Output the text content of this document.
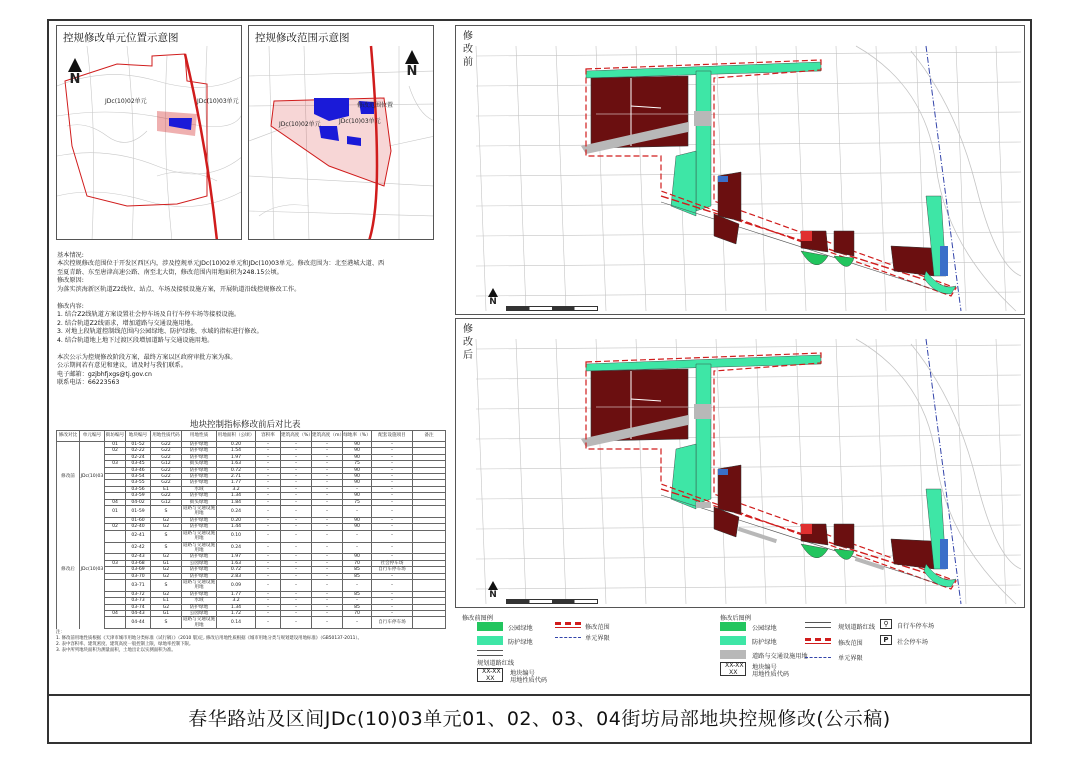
控规修改单元位置示意图
N
JDc(10)02单元	JDc(10)03单元
控规修改范围示意图
N
JDc(10)02单元	JDc(10)03单元
修改范围位置

基本情况:
本次控规修改范围位于开发区西区内，涉及控规单元JDc(10)02单元和JDc(10)03单元。修改范围为：北至港城大道、西
至夏青路、东至唐津高速公路、南至北大街，修改范围内用地面积为248.15公顷。
修改原因:
为落实滨海新区轨道Z2线位、站点、车场及接驳设施方案，开展轨道沿线控规修改工作。
修改内容:
1. 结合Z2线轨道方案设置社会停车场及自行车停车场等接驳设施。
2. 结合轨道Z2线需求，增加道路与交通设施用地。
3. 对地上段轨道控制线范围内公园绿地、防护绿地、水域的指标进行修改。
4. 结合轨道地上地下过渡区段增加道路与交通设施用地。
本次公示为控规修改阶段方案，最终方案以区政府审批方案为准。
公示期间若有意见和建议，请及时与我们联系。
电子邮箱：gzjbhfjxgs@tj.gov.cn
联系电话：66223563

地块控制指标修改前后对比表
修改对比	单元编号	街坊编号	地块编号	用地性质代码	用地性质	用地面积（公顷）	容积率	建筑高度（%）	建筑高度（m）	绿地率（%）	配套设施项目	备注
		01	01-52	G22	防护绿地	0.20	–	–	–	90	–	
		02	02-22	G22	防护绿地	1.54	–	–	–	90	–	
			02-24	G22	防护绿地	1.97	–	–	–	90	–	
		03	03-45	G12	街头绿地	1.63	–	–	–	75	–	
			03-46	G22	防护绿地	0.72	–	–	–	90	–	
修改前	JDc(10)03		03-54	G22	防护绿地	2.71	–	–	–	90	–	
			03-55	G22	防护绿地	1.77	–	–	–	90	–	
			03-56	E1	水域	3.2	–	–	–	–	–	
			03-59	G22	防护绿地	1.34	–	–	–	90	–	
		04	04-02	G12	街头绿地	1.84	–	–	–	75	–	
		01	01-59	S	道路与交通设施用地	0.24	–	–	–	–	–	
			01-60	G2	防护绿地	0.20	–	–	–	90	–	
		02	02-40	G2	防护绿地	1.44	–	–	–	90	–	
			02-41	S	道路与交通设施用地	0.10	–	–	–	–	–	
			02-42	S	道路与交通设施用地	0.24	–	–	–	–	–	
			02-43	G2	防护绿地	1.97	–	–	–	90	–	
		03	03-68	G1	公园绿地	1.63	–	–	–	70	社会停车场	
修改后	JDc(10)03		03-69	G2	防护绿地	0.72	–	–	–	85	自行车停车场	
			03-70	G2	防护绿地	2.83	–	–	–	85	–	
			03-71	S	道路与交通设施用地	0.09	–	–	–	–	–	
			03-72	G2	防护绿地	1.77	–	–	–	85	–	
			03-73	E1	水域	3.2	–	–	–	–	–	
			03-74	G2	防护绿地	1.34	–	–	–	85	–	
		04	04-43	G1	公园绿地	1.72	–	–	–	70	–	
			04-44	S	道路与交通设施用地	0.14	–	–	–	–	自行车停车场	
注：
1. 修改前用地性质根据《天津市城市用地分类标准（试行稿）》（2010 版)定, 修改后用地性质根据《城市用地分类与规划建设用地标准》（GB50137-2011）。
2. 表中容积率、建筑密度、建筑高度一般控制上限，绿地率控制下限。
3. 表中所列地块面积为测量面积，土地出让以实测面积为准。
修改前
N
修改后
N
修改前图例
公园绿地
防护绿地
规划道路红线
XX-XX
XX
地块编号
用地性质代码
修改范围
单元界限
修改后图例
公园绿地
防护绿地
道路与交通设施用地
XX-XX
XX
地块编号
用地性质代码
规划道路红线
修改范围
单元界限
⚲	自行车停车场
P	社会停车场
春华路站及区间JDc(10)03单元01、02、03、04街坊局部地块控规修改(公示稿)
